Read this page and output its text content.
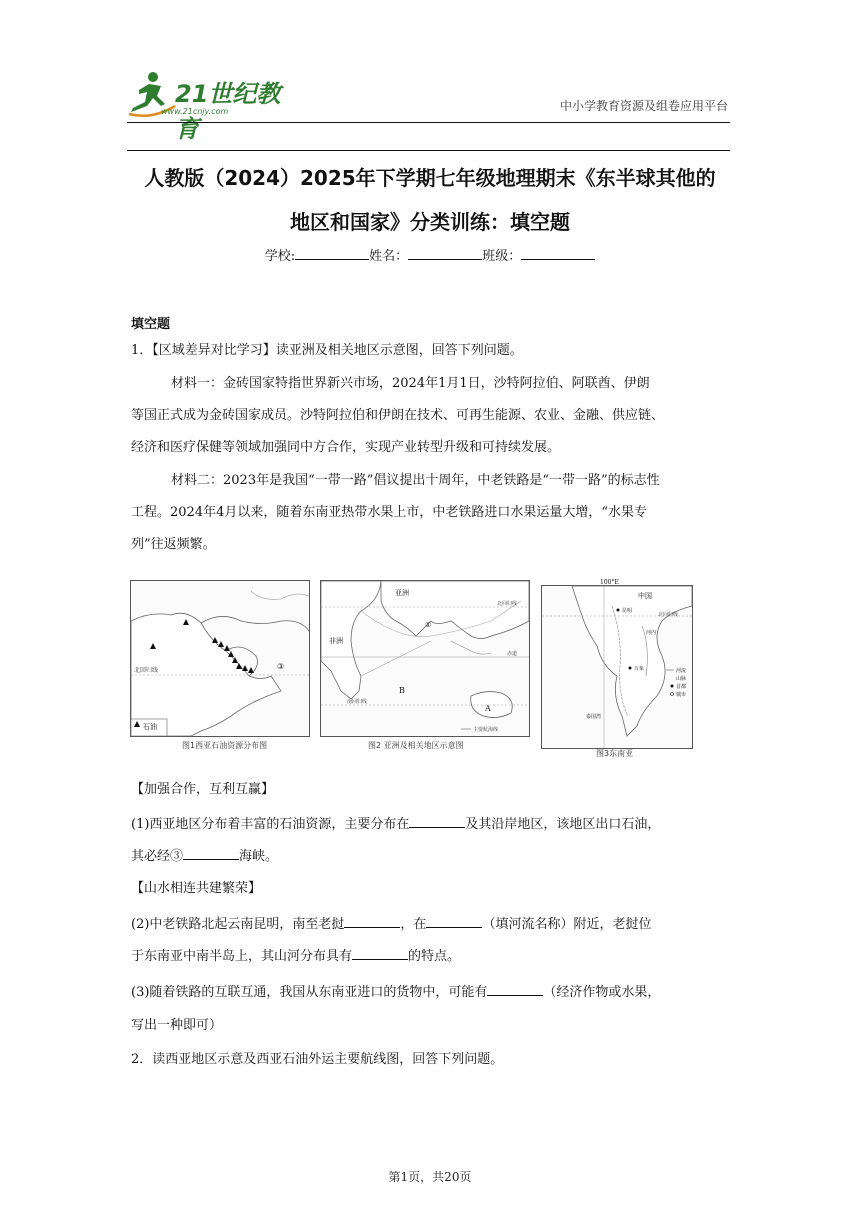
21世纪教育
www.21cnjy.com	中小学教育资源及组卷应用平台
人教版（2024）2025年下学期七年级地理期末《东半球其他的
地区和国家》分类训练：填空题
学校:	姓名：	班级：
填空题
1．【区域差异对比学习】读亚洲及相关地区示意图，回答下列问题。
材料一：金砖国家特指世界新兴市场，2024年1月1日，沙特阿拉伯、阿联酋、伊朗
等国正式成为金砖国家成员。沙特阿拉伯和伊朗在技术、可再生能源、农业、金融、供应链、
经济和医疗保健等领域加强同中方合作，实现产业转型升级和可持续发展。
材料二：2023年是我国“一带一路”倡议提出十周年，中老铁路是“一带一路”的标志性
工程。2024年4月以来，随着东南亚热带水果上市，中老铁路进口水果运量大增，“水果专
列”往返频繁。
北回归线	③
石油
图1西亚石油资源分布图
亚洲
非洲
北回归线
赤道
南回归线
B
A
①
主要航海线
图2 亚洲及相关地区示意图
100°E
中国
昆明
河内
北回归线
万象
泰国湾
河流
山脉
首都
城市
图3东南亚
【加强合作，互利互赢】
(1)西亚地区分布着丰富的石油资源，主要分布在	及其沿岸地区，该地区出口石油，
其必经③	海峡。
【山水相连共建繁荣】
(2)中老铁路北起云南昆明，南至老挝	，在	（填河流名称）附近，老挝位
于东南亚中南半岛上，其山河分布具有	的特点。
(3)随着铁路的互联互通，我国从东南亚进口的货物中，可能有	（经济作物或水果，
写出一种即可）
2．读西亚地区示意及西亚石油外运主要航线图，回答下列问题。
第1页，共20页
